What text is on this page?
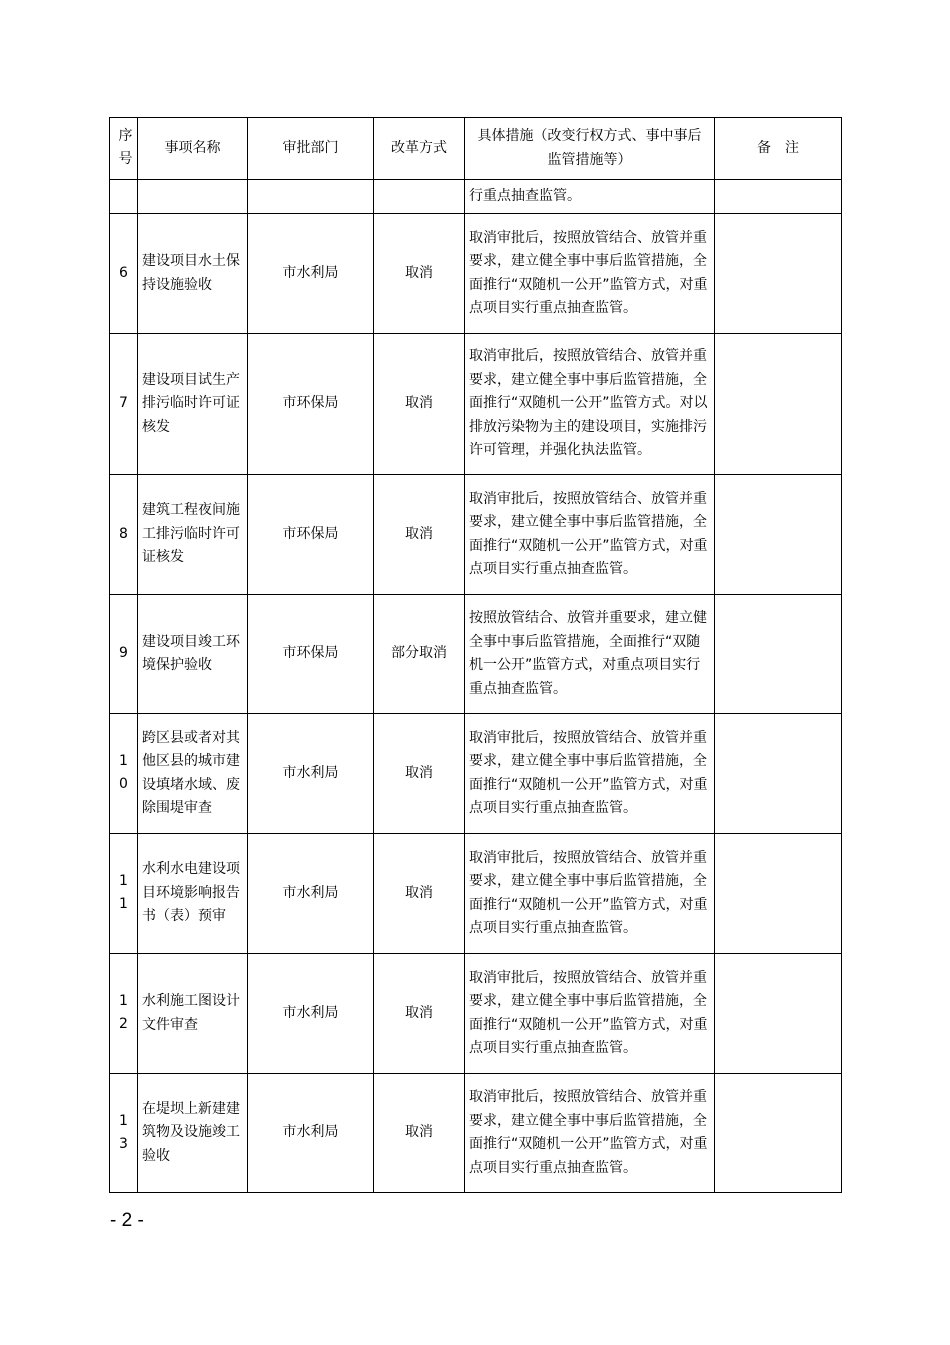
序号	事项名称	审批部门	改革方式	具体措施（改变行权方式、事中事后监管措施等）	备　注
				行重点抽查监管。	
6	建设项目水土保持设施验收	市水利局	取消	取消审批后，按照放管结合、放管并重要求，建立健全事中事后监管措施，全面推行“双随机一公开”监管方式，对重点项目实行重点抽查监管。	
7	建设项目试生产排污临时许可证核发	市环保局	取消	取消审批后，按照放管结合、放管并重要求，建立健全事中事后监管措施，全面推行“双随机一公开”监管方式。对以排放污染物为主的建设项目，实施排污许可管理，并强化执法监管。	
8	建筑工程夜间施工排污临时许可证核发	市环保局	取消	取消审批后，按照放管结合、放管并重要求，建立健全事中事后监管措施，全面推行“双随机一公开”监管方式，对重点项目实行重点抽查监管。	
9	建设项目竣工环境保护验收	市环保局	部分取消	按照放管结合、放管并重要求，建立健全事中事后监管措施，全面推行“双随机一公开”监管方式，对重点项目实行重点抽查监管。	
10	跨区县或者对其他区县的城市建设填堵水域、废除围堤审查	市水利局	取消	取消审批后，按照放管结合、放管并重要求，建立健全事中事后监管措施，全面推行“双随机一公开”监管方式，对重点项目实行重点抽查监管。	
11	水利水电建设项目环境影响报告书（表）预审	市水利局	取消	取消审批后，按照放管结合、放管并重要求，建立健全事中事后监管措施，全面推行“双随机一公开”监管方式，对重点项目实行重点抽查监管。	
12	水利施工图设计文件审查	市水利局	取消	取消审批后，按照放管结合、放管并重要求，建立健全事中事后监管措施，全面推行“双随机一公开”监管方式，对重点项目实行重点抽查监管。	
13	在堤坝上新建建筑物及设施竣工验收	市水利局	取消	取消审批后，按照放管结合、放管并重要求，建立健全事中事后监管措施，全面推行“双随机一公开”监管方式，对重点项目实行重点抽查监管。	
- 2 -
